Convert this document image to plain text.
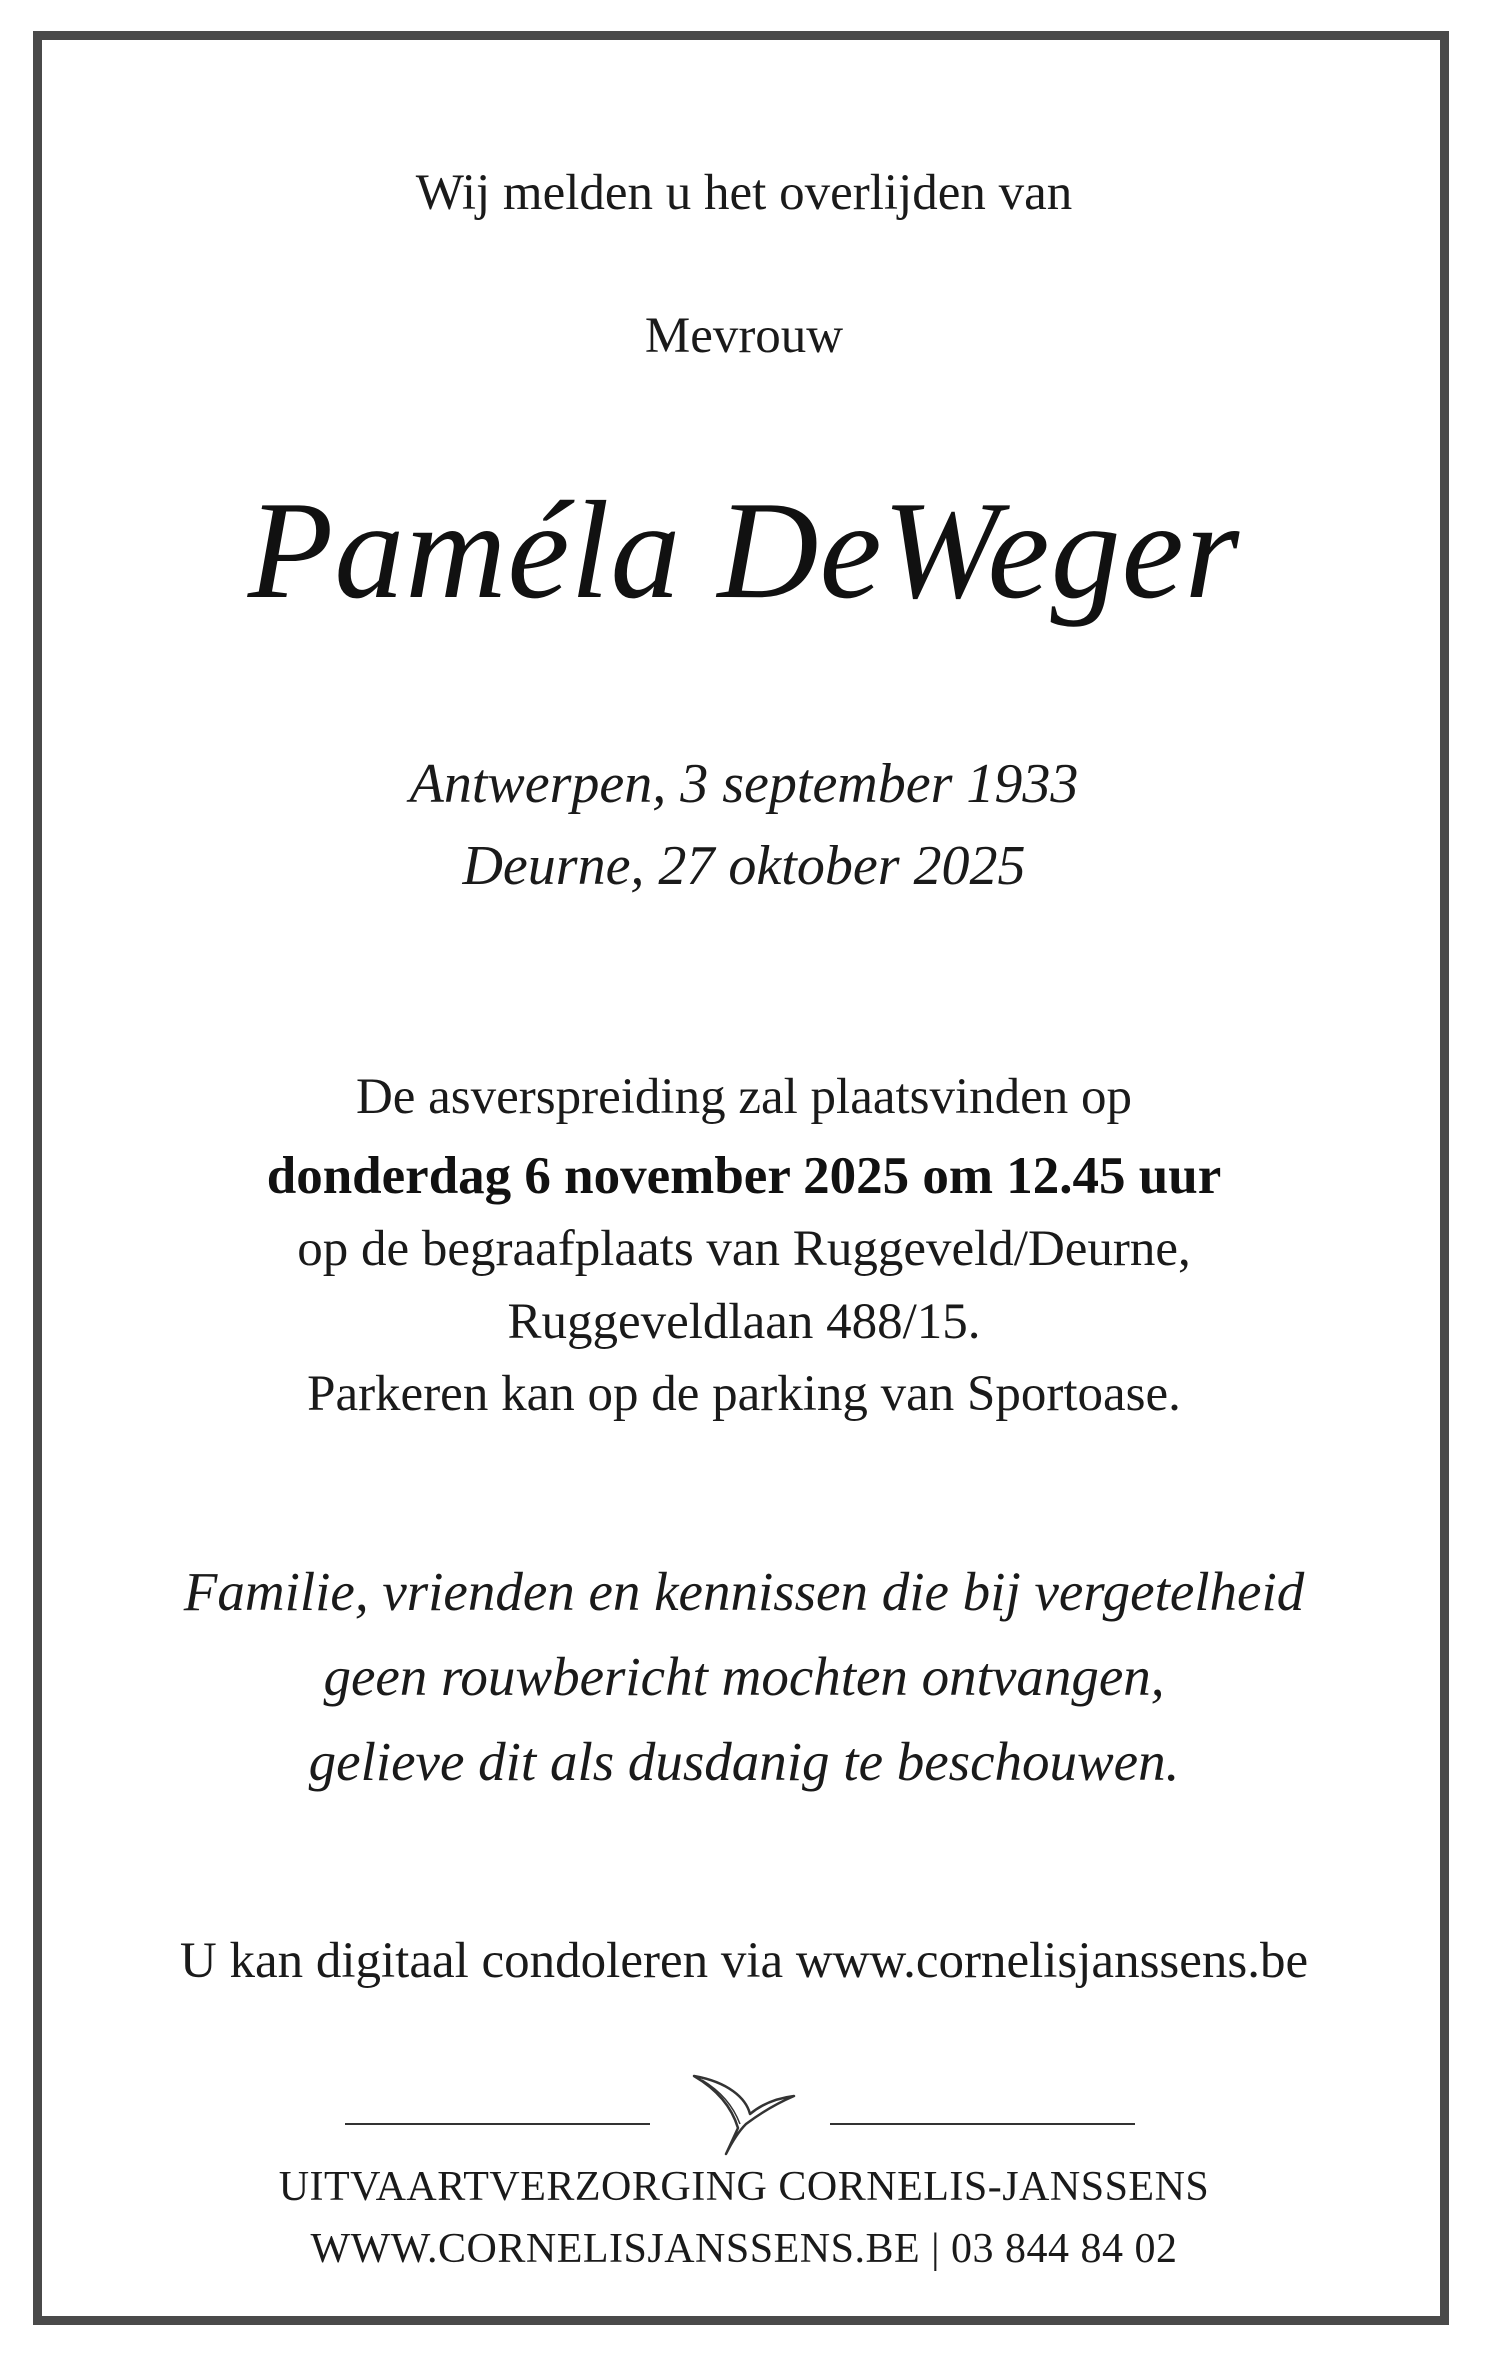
Wij melden u het overlijden van
Mevrouw
Paméla DeWeger
Antwerpen, 3 september 1933
Deurne, 27 oktober 2025
De asverspreiding zal plaatsvinden op
donderdag 6 november 2025 om 12.45 uur
op de begraafplaats van Ruggeveld/Deurne,
Ruggeveldlaan 488/15.
Parkeren kan op de parking van Sportoase.
Familie, vrienden en kennissen die bij vergetelheid
geen rouwbericht mochten ontvangen,
gelieve dit als dusdanig te beschouwen.
U kan digitaal condoleren via www.cornelisjanssens.be
UITVAARTVERZORGING CORNELIS-JANSSENS
WWW.CORNELISJANSSENS.BE | 03 844 84 02
